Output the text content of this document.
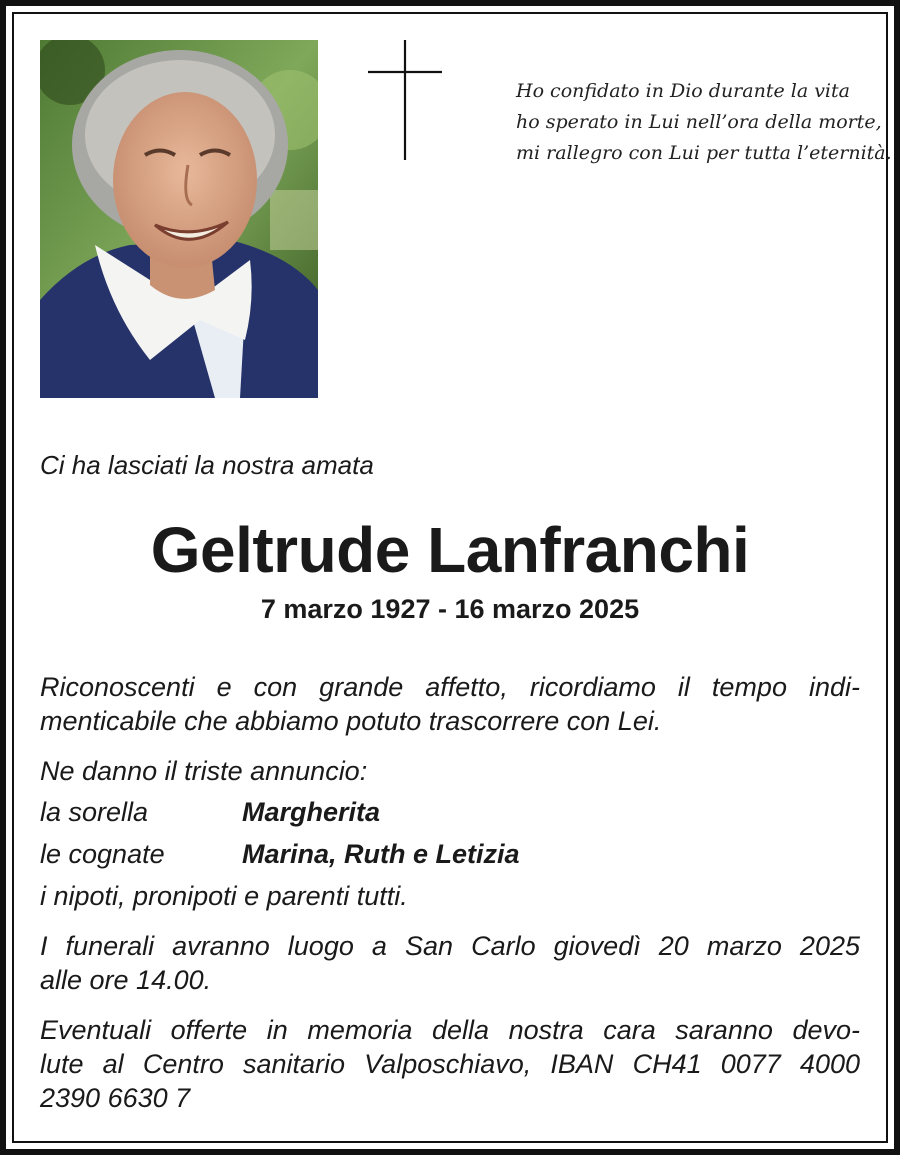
Ho confidato in Dio durante la vita
ho sperato in Lui nell’ora della morte,
mi rallegro con Lui per tutta l’eternità.
Ci ha lasciati la nostra amata
Geltrude Lanfranchi
7 marzo 1927 - 16 marzo 2025
Riconoscenti e con grande affetto, ricordiamo il tempo indi-
menticabile che abbiamo potuto trascorrere con Lei.
Ne danno il triste annuncio:
la sorella	Margherita
le cognate	Marina, Ruth e Letizia
i nipoti, pronipoti e parenti tutti.
I funerali avranno luogo a San Carlo giovedì 20 marzo 2025
alle ore 14.00.
Eventuali offerte in memoria della nostra cara saranno devo-
lute al Centro sanitario Valposchiavo, IBAN CH41 0077 4000
2390 6630 7
